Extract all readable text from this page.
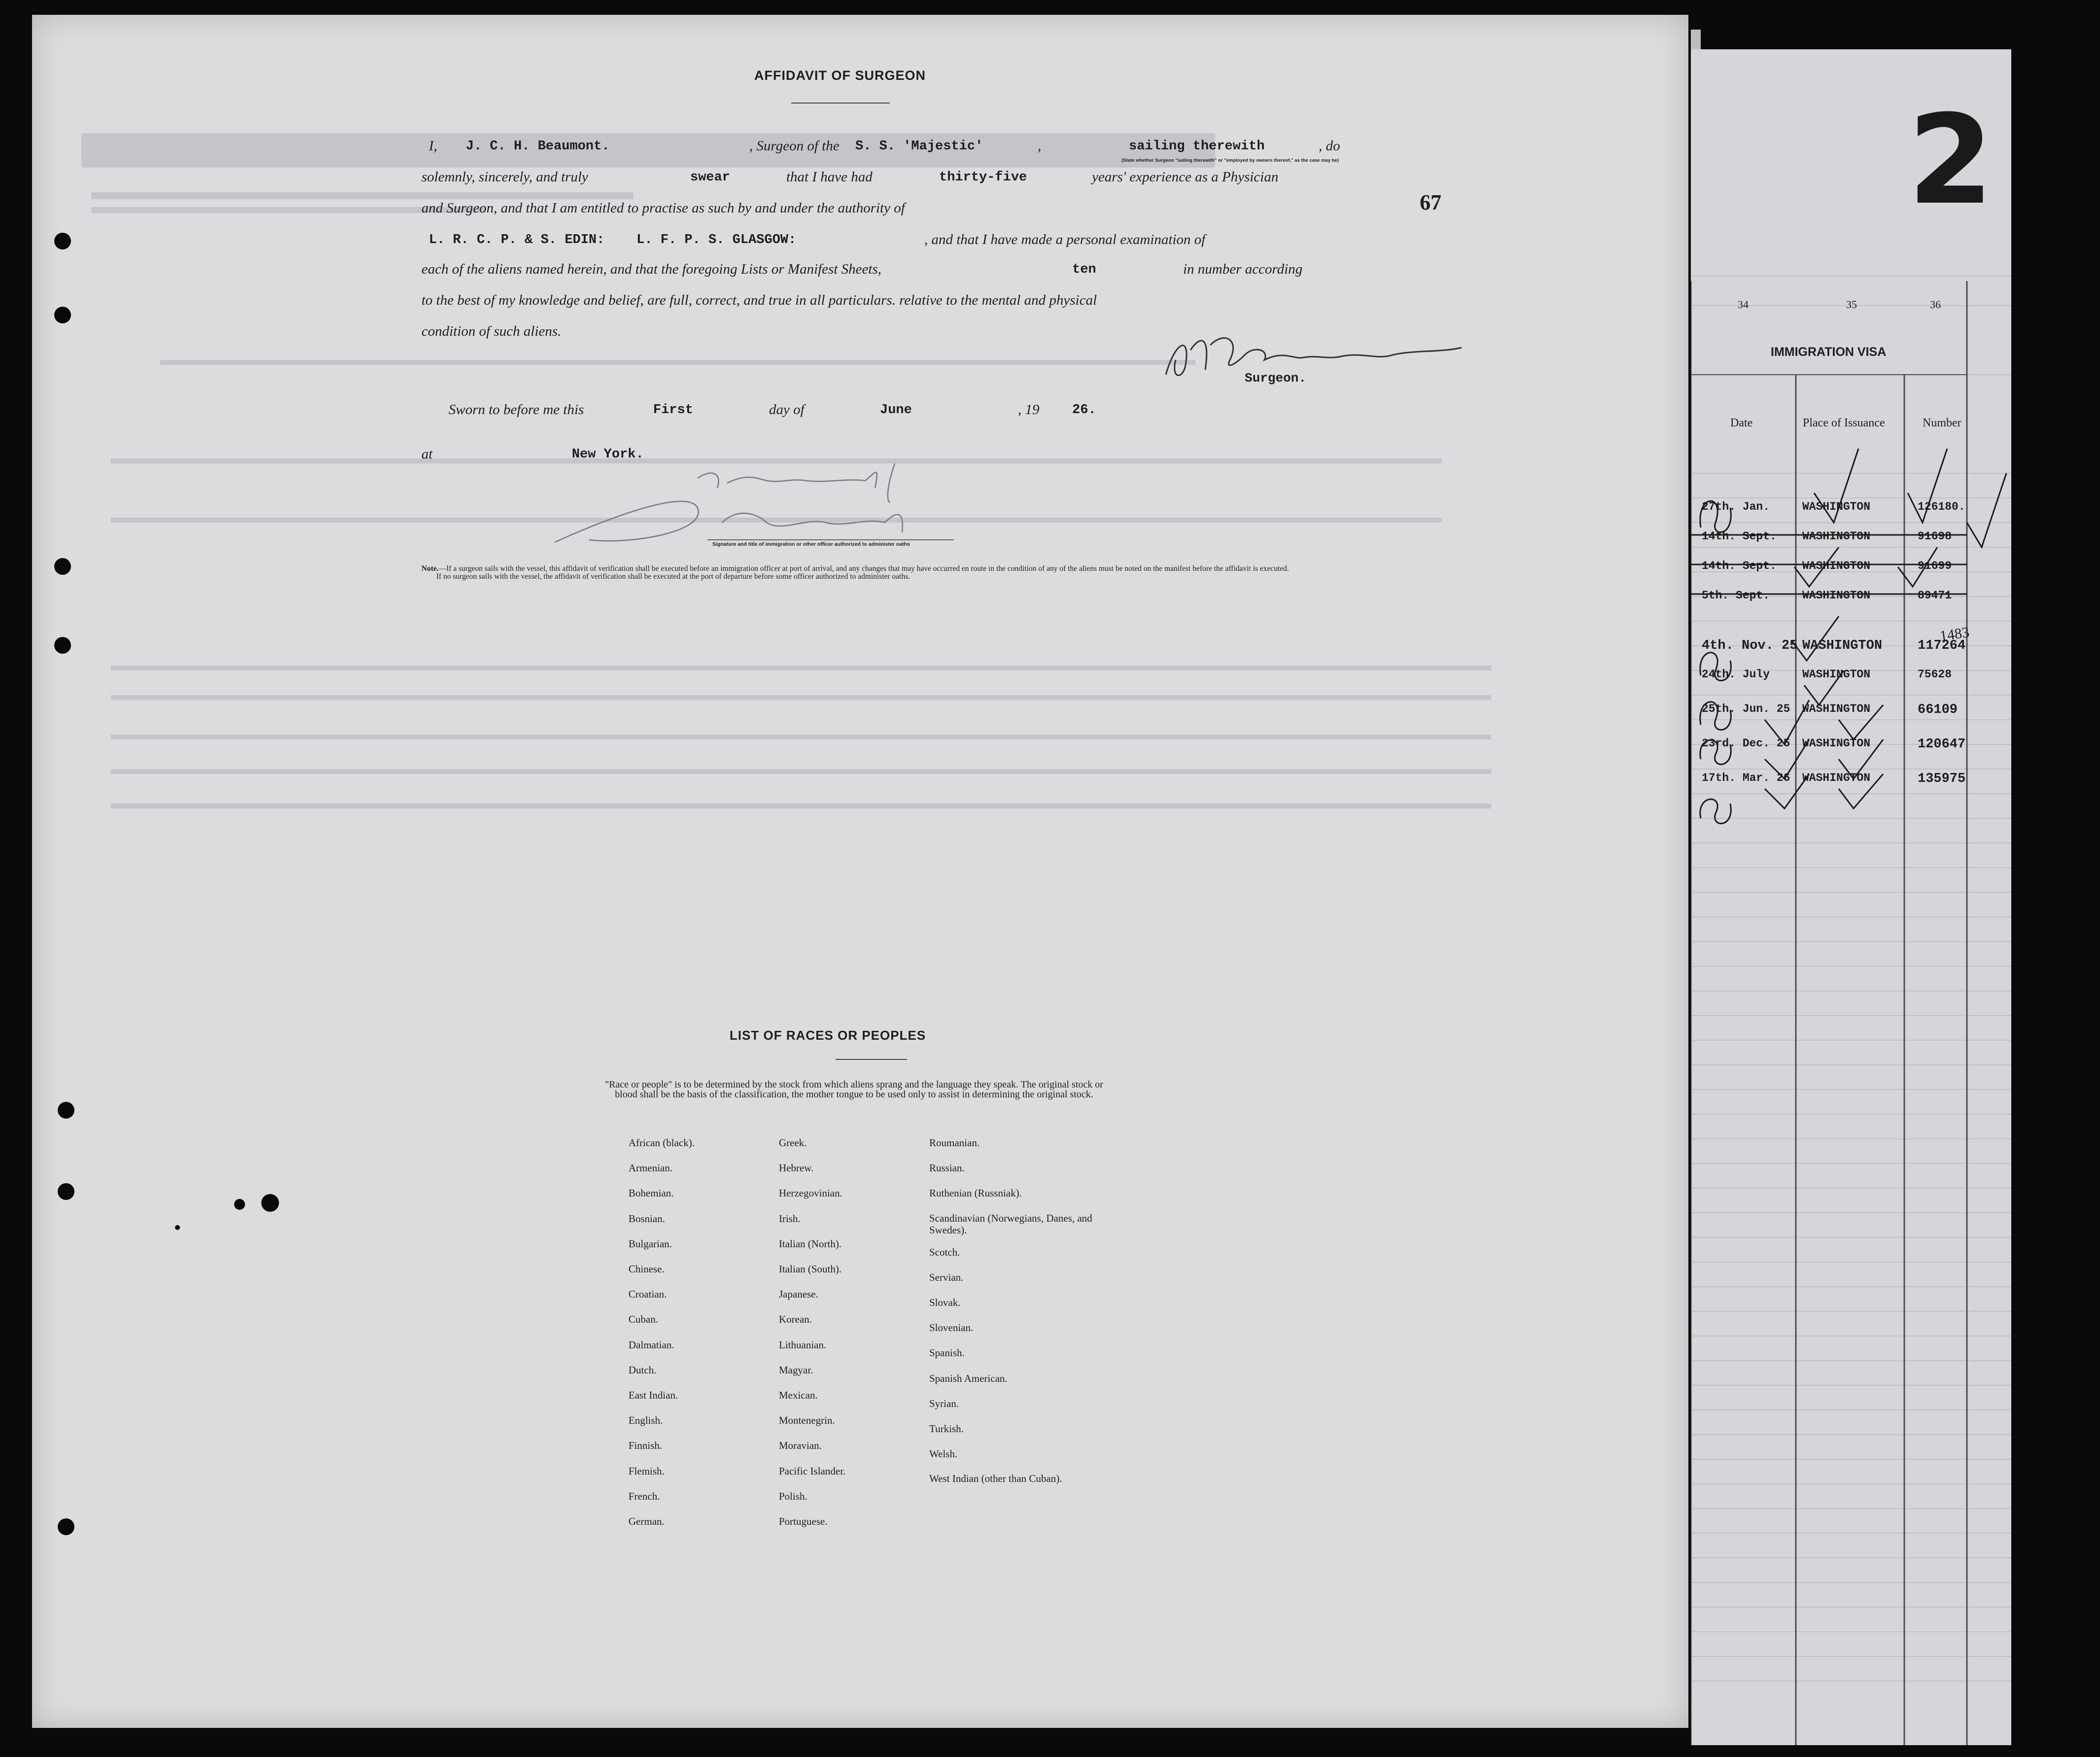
AFFIDAVIT OF SURGEON
I, J. C. H. Beaumont.	, Surgeon of the S. S. 'Majestic'	,	sailing therewith	, do
(State whether Surgeon "sailing therewith" or "employed by owners thereof," as the case may be)
solemnly, sincerely, and truly	swear	that I have had	thirty-five	years' experience as a Physician
and Surgeon, and that I am entitled to practise as such by and under the authority of	67
L. R. C. P. & S. EDIN:    L. F. P. S. GLASGOW:	, and that I have made a personal examination of
each of the aliens named herein, and that the foregoing Lists or Manifest Sheets,	ten	in number according
to the best of my knowledge and belief, are full, correct, and true in all particulars. relative to the mental and physical
condition of such aliens.
Surgeon.
Sworn to before me this	First	day of	June	, 19 26.
at	New York.
Signature and title of immigration or other officer authorized to administer oaths
Note.—If a surgeon sails with the vessel, this affidavit of verification shall be executed before an immigration officer at port of arrival, and any changes that may have occurred en route in the condition of any of the aliens must be noted on the manifest before the affidavit is executed.
If no surgeon sails with the vessel, the affidavit of verification shall be executed at the port of departure before some officer authorized to administer oaths.
LIST OF RACES OR PEOPLES
"Race or people" is to be determined by the stock from which aliens sprang and the language they speak. The original stock or blood shall be the basis of the classification, the mother tongue to be used only to assist in determining the original stock.
African (black).
Armenian.
Bohemian.
Bosnian.
Bulgarian.
Chinese.
Croatian.
Cuban.
Dalmatian.
Dutch.
East Indian.
English.
Finnish.
Flemish.
French.
German.
Greek.
Hebrew.
Herzegovinian.
Irish.
Italian (North).
Italian (South).
Japanese.
Korean.
Lithuanian.
Magyar.
Mexican.
Montenegrin.
Moravian.
Pacific Islander.
Polish.
Portuguese.
Roumanian.
Russian.
Ruthenian (Russniak).
Scandinavian (Norwegians, Danes, and Swedes).
Scotch.
Servian.
Slovak.
Slovenian.
Spanish.
Spanish American.
Syrian.
Turkish.
Welsh.
West Indian (other than Cuban).
34	35	36
IMMIGRATION VISA
Date	Place of Issuance	Number
27th. Jan.	WASHINGTON	126180.
14th. Sept. WASHINGTON	91698
14th. Sept. WASHINGTON	91699
5th. Sept.	WASHINGTON	89471
4th. Nov. 25 WASHINGTON	117264
24th. July	WASHINGTON	75628
25th. Jun. 25 WASHINGTON	66109
23rd. Dec. 25 WASHINGTON	120647
17th. Mar. 26 WASHINGTON	135975
1483
2
